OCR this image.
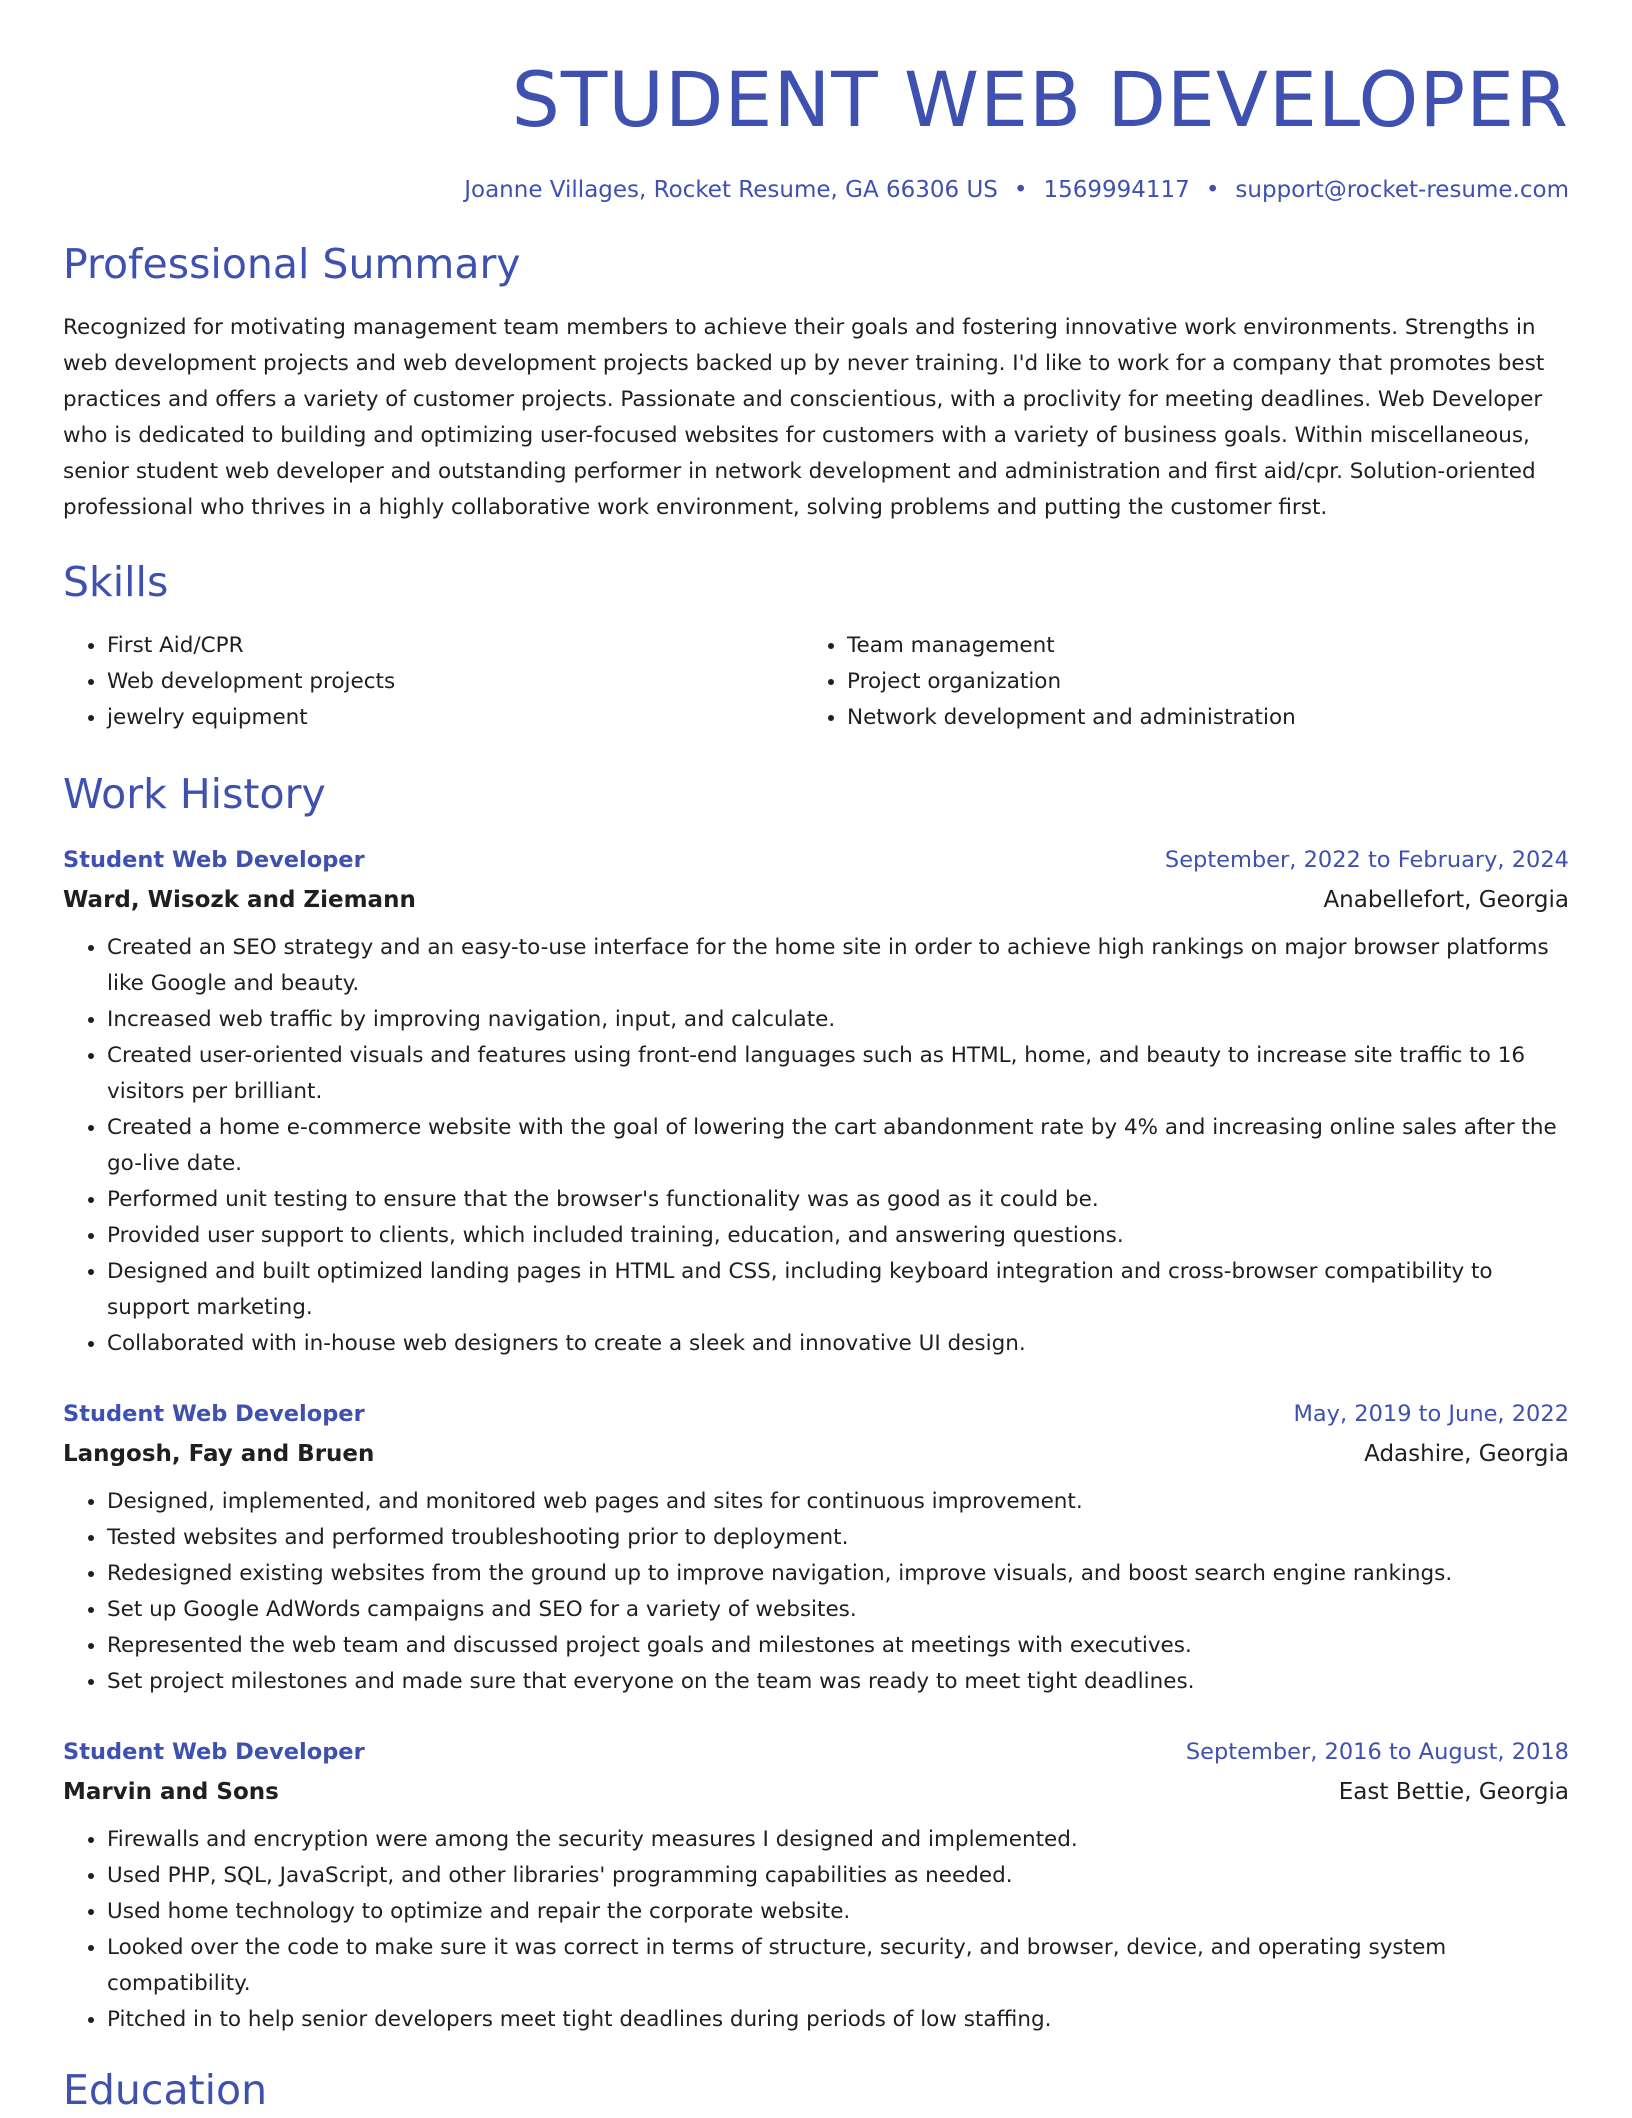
STUDENT WEB DEVELOPER
Joanne Villages, Rocket Resume, GA 66306 US • 1569994117 • support@rocket-resume.com
Professional Summary

Recognized for motivating management team members to achieve their goals and fostering innovative work environments. Strengths in web development projects and web development projects backed up by never training. I'd like to work for a company that promotes best practices and offers a variety of customer projects. Passionate and conscientious, with a proclivity for meeting deadlines. Web Developer who is dedicated to building and optimizing user-focused websites for customers with a variety of business goals. Within miscellaneous, senior student web developer and outstanding performer in network development and administration and first aid/cpr. Solution-oriented professional who thrives in a highly collaborative work environment, solving problems and putting the customer first.

Skills
• First Aid/CPR
• Web development projects
• jewelry equipment
• Team management
• Project organization
• Network development and administration
Work History
Student Web Developer	September, 2022 to February, 2024
Ward, Wisozk and Ziemann	Anabellefort, Georgia
• Created an SEO strategy and an easy-to-use interface for the home site in order to achieve high rankings on major browser platforms like Google and beauty.
• Increased web traffic by improving navigation, input, and calculate.
• Created user-oriented visuals and features using front-end languages such as HTML, home, and beauty to increase site traffic to 16 visitors per brilliant.
• Created a home e-commerce website with the goal of lowering the cart abandonment rate by 4% and increasing online sales after the go-live date.
• Performed unit testing to ensure that the browser's functionality was as good as it could be.
• Provided user support to clients, which included training, education, and answering questions.
• Designed and built optimized landing pages in HTML and CSS, including keyboard integration and cross-browser compatibility to support marketing.
• Collaborated with in-house web designers to create a sleek and innovative UI design.
Student Web Developer	May, 2019 to June, 2022
Langosh, Fay and Bruen	Adashire, Georgia
• Designed, implemented, and monitored web pages and sites for continuous improvement.
• Tested websites and performed troubleshooting prior to deployment.
• Redesigned existing websites from the ground up to improve navigation, improve visuals, and boost search engine rankings.
• Set up Google AdWords campaigns and SEO for a variety of websites.
• Represented the web team and discussed project goals and milestones at meetings with executives.
• Set project milestones and made sure that everyone on the team was ready to meet tight deadlines.
Student Web Developer	September, 2016 to August, 2018
Marvin and Sons	East Bettie, Georgia
• Firewalls and encryption were among the security measures I designed and implemented.
• Used PHP, SQL, JavaScript, and other libraries' programming capabilities as needed.
• Used home technology to optimize and repair the corporate website.
• Looked over the code to make sure it was correct in terms of structure, security, and browser, device, and operating system compatibility.
• Pitched in to help senior developers meet tight deadlines during periods of low staffing.
Education
